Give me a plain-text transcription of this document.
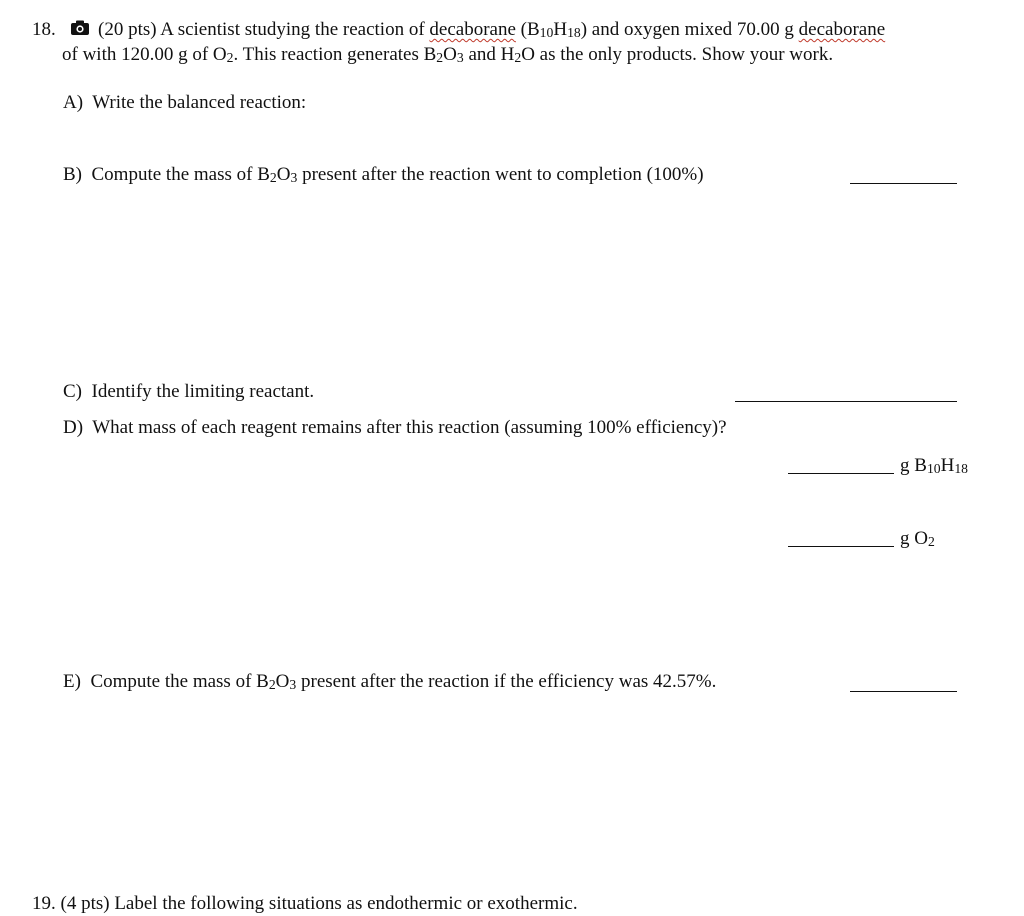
18.	(20 pts) A scientist studying the reaction of decaborane $(B_{10}H_{18})$ and oxygen mixed 70.00 g decaborane
of with 120.00 g of $O_2$. This reaction generates $B_2O_3$ and $H_2O$ as the only products. Show your work.
A) Write the balanced reaction:
B) Compute the mass of $B_2O_3$ present after the reaction went to completion (100%)
C) Identify the limiting reactant.
D) What mass of each reagent remains after this reaction (assuming 100% efficiency)?
g $B_{10}H_{18}$
g $O_2$
E) Compute the mass of $B_2O_3$ present after the reaction if the efficiency was 42.57%.
19. (4 pts) Label the following situations as endothermic or exothermic.
